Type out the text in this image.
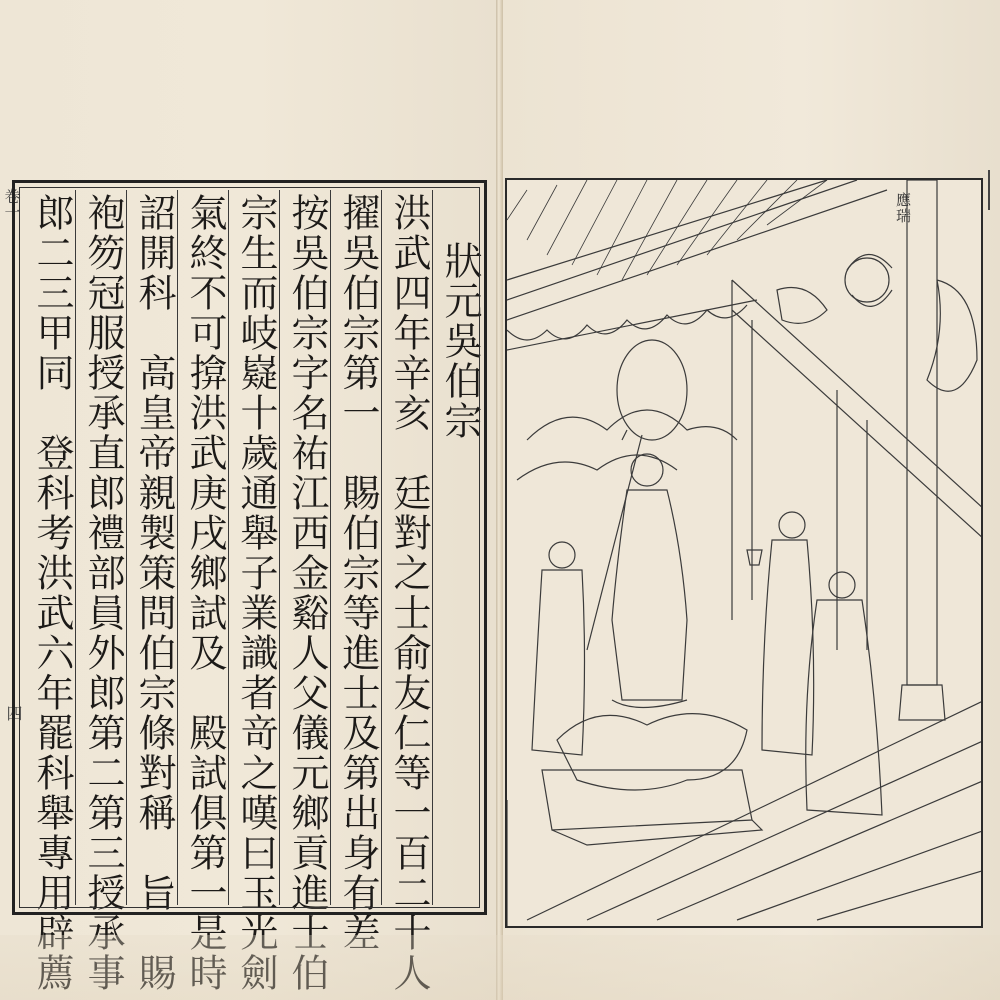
卷一
四
狀元吳伯宗
洪武四年辛亥　廷對之士俞友仁等一百二十人
擢吳伯宗第一　賜伯宗等進士及第出身有差
按吳伯宗字名祐江西金谿人父儀元鄉貢進士伯
宗生而岐嶷十歲通舉子業識者竒之嘆曰玉光劍
氣終不可揜洪武庚戌鄉試及　殿試俱第一是時
詔開科　高皇帝親製策問伯宗條對稱　旨　賜
袍笏冠服授承直郎禮部員外郎第二第三授承事
郎二三甲同　登科考洪武六年罷科舉專用辟薦	應瑞
